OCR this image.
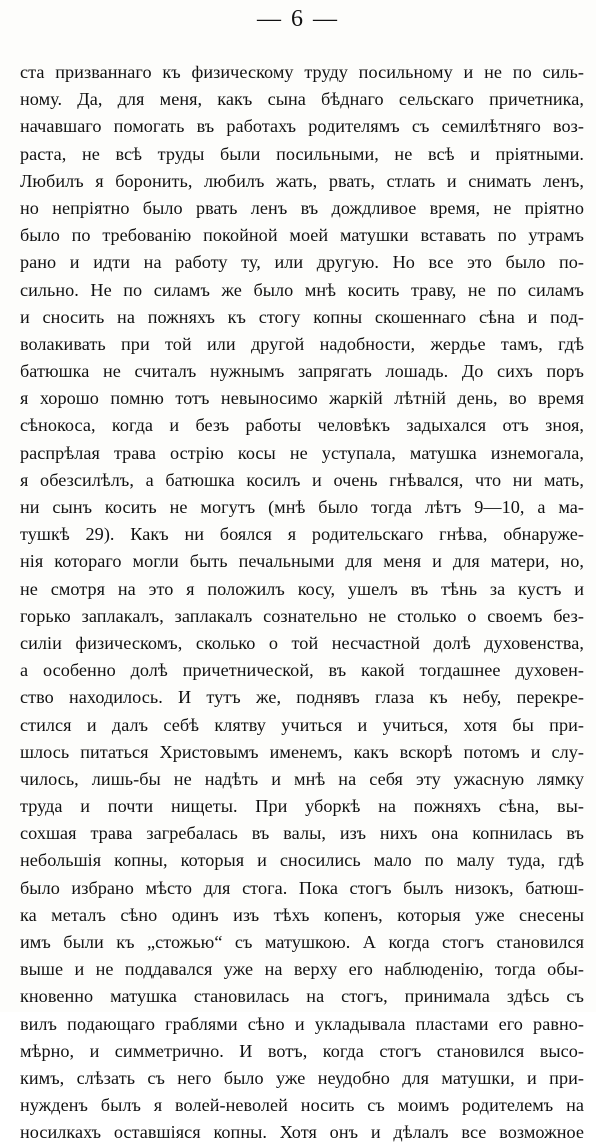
— 6 —
ста призваннаго къ физическому труду посильному и не по силь-
ному. Да, для меня, какъ сына бѣднаго сельскаго причетника,
начавшаго помогать въ работахъ родителямъ съ семилѣтняго воз-
раста, не всѣ труды были посильными, не всѣ и пріятными.
Любилъ я боронить, любилъ жать, рвать, стлать и снимать ленъ,
но непріятно было рвать ленъ въ дождливое время, не пріятно
было по требованію покойной моей матушки вставать по утрамъ
рано и идти на работу ту, или другую. Но все это было по-
сильно. Не по силамъ же было мнѣ косить траву, не по силамъ
и сносить на пожняхъ къ стогу копны скошеннаго сѣна и под-
волакивать при той или другой надобности, жердье тамъ, гдѣ
батюшка не считалъ нужнымъ запрягать лошадь. До сихъ поръ
я хорошо помню тотъ невыносимо жаркій лѣтній день, во время
сѣнокоса, когда и безъ работы человѣкъ задыхался отъ зноя,
распрѣлая трава острію косы не уступала, матушка изнемогала,
я обезсилѣлъ, а батюшка косилъ и очень гнѣвался, что ни мать,
ни сынъ косить не могутъ (мнѣ было тогда лѣтъ 9—10, а ма-
тушкѣ 29). Какъ ни боялся я родительскаго гнѣва, обнаруже-
нія котораго могли быть печальными для меня и для матери, но,
не смотря на это я положилъ косу, ушелъ въ тѣнь за кустъ и
горько заплакалъ, заплакалъ сознательно не столько о своемъ без-
силіи физическомъ, сколько о той несчастной долѣ духовенства,
а особенно долѣ причетнической, въ какой тогдашнее духовен-
ство находилось. И тутъ же, поднявъ глаза къ небу, перекре-
стился и далъ себѣ клятву учиться и учиться, хотя бы при-
шлось питаться Христовымъ именемъ, какъ вскорѣ потомъ и слу-
чилось, лишь-бы не надѣть и мнѣ на себя эту ужасную лямку
труда и почти нищеты. При уборкѣ на пожняхъ сѣна, вы-
сохшая трава загребалась въ валы, изъ нихъ она копнилась въ
небольшія копны, которыя и сносились мало по малу туда, гдѣ
было избрано мѣсто для стога. Пока стогъ былъ низокъ, батюш-
ка металъ сѣно одинъ изъ тѣхъ копенъ, которыя уже снесены
имъ были къ „стожью“ съ матушкою. А когда стогъ становился
выше и не поддавался уже на верху его наблюденію, тогда обы-
кновенно матушка становилась на стогъ, принимала здѣсь съ
вилъ подающаго граблями сѣно и укладывала пластами его равно-
мѣрно, и симметрично. И вотъ, когда стогъ становился высо-
кимъ, слѣзать съ него было уже неудобно для матушки, и при-
нужденъ былъ я волей-неволей носить съ моимъ родителемъ на
носилкахъ оставшіяся копны. Хотя онъ и дѣлалъ все возможное
